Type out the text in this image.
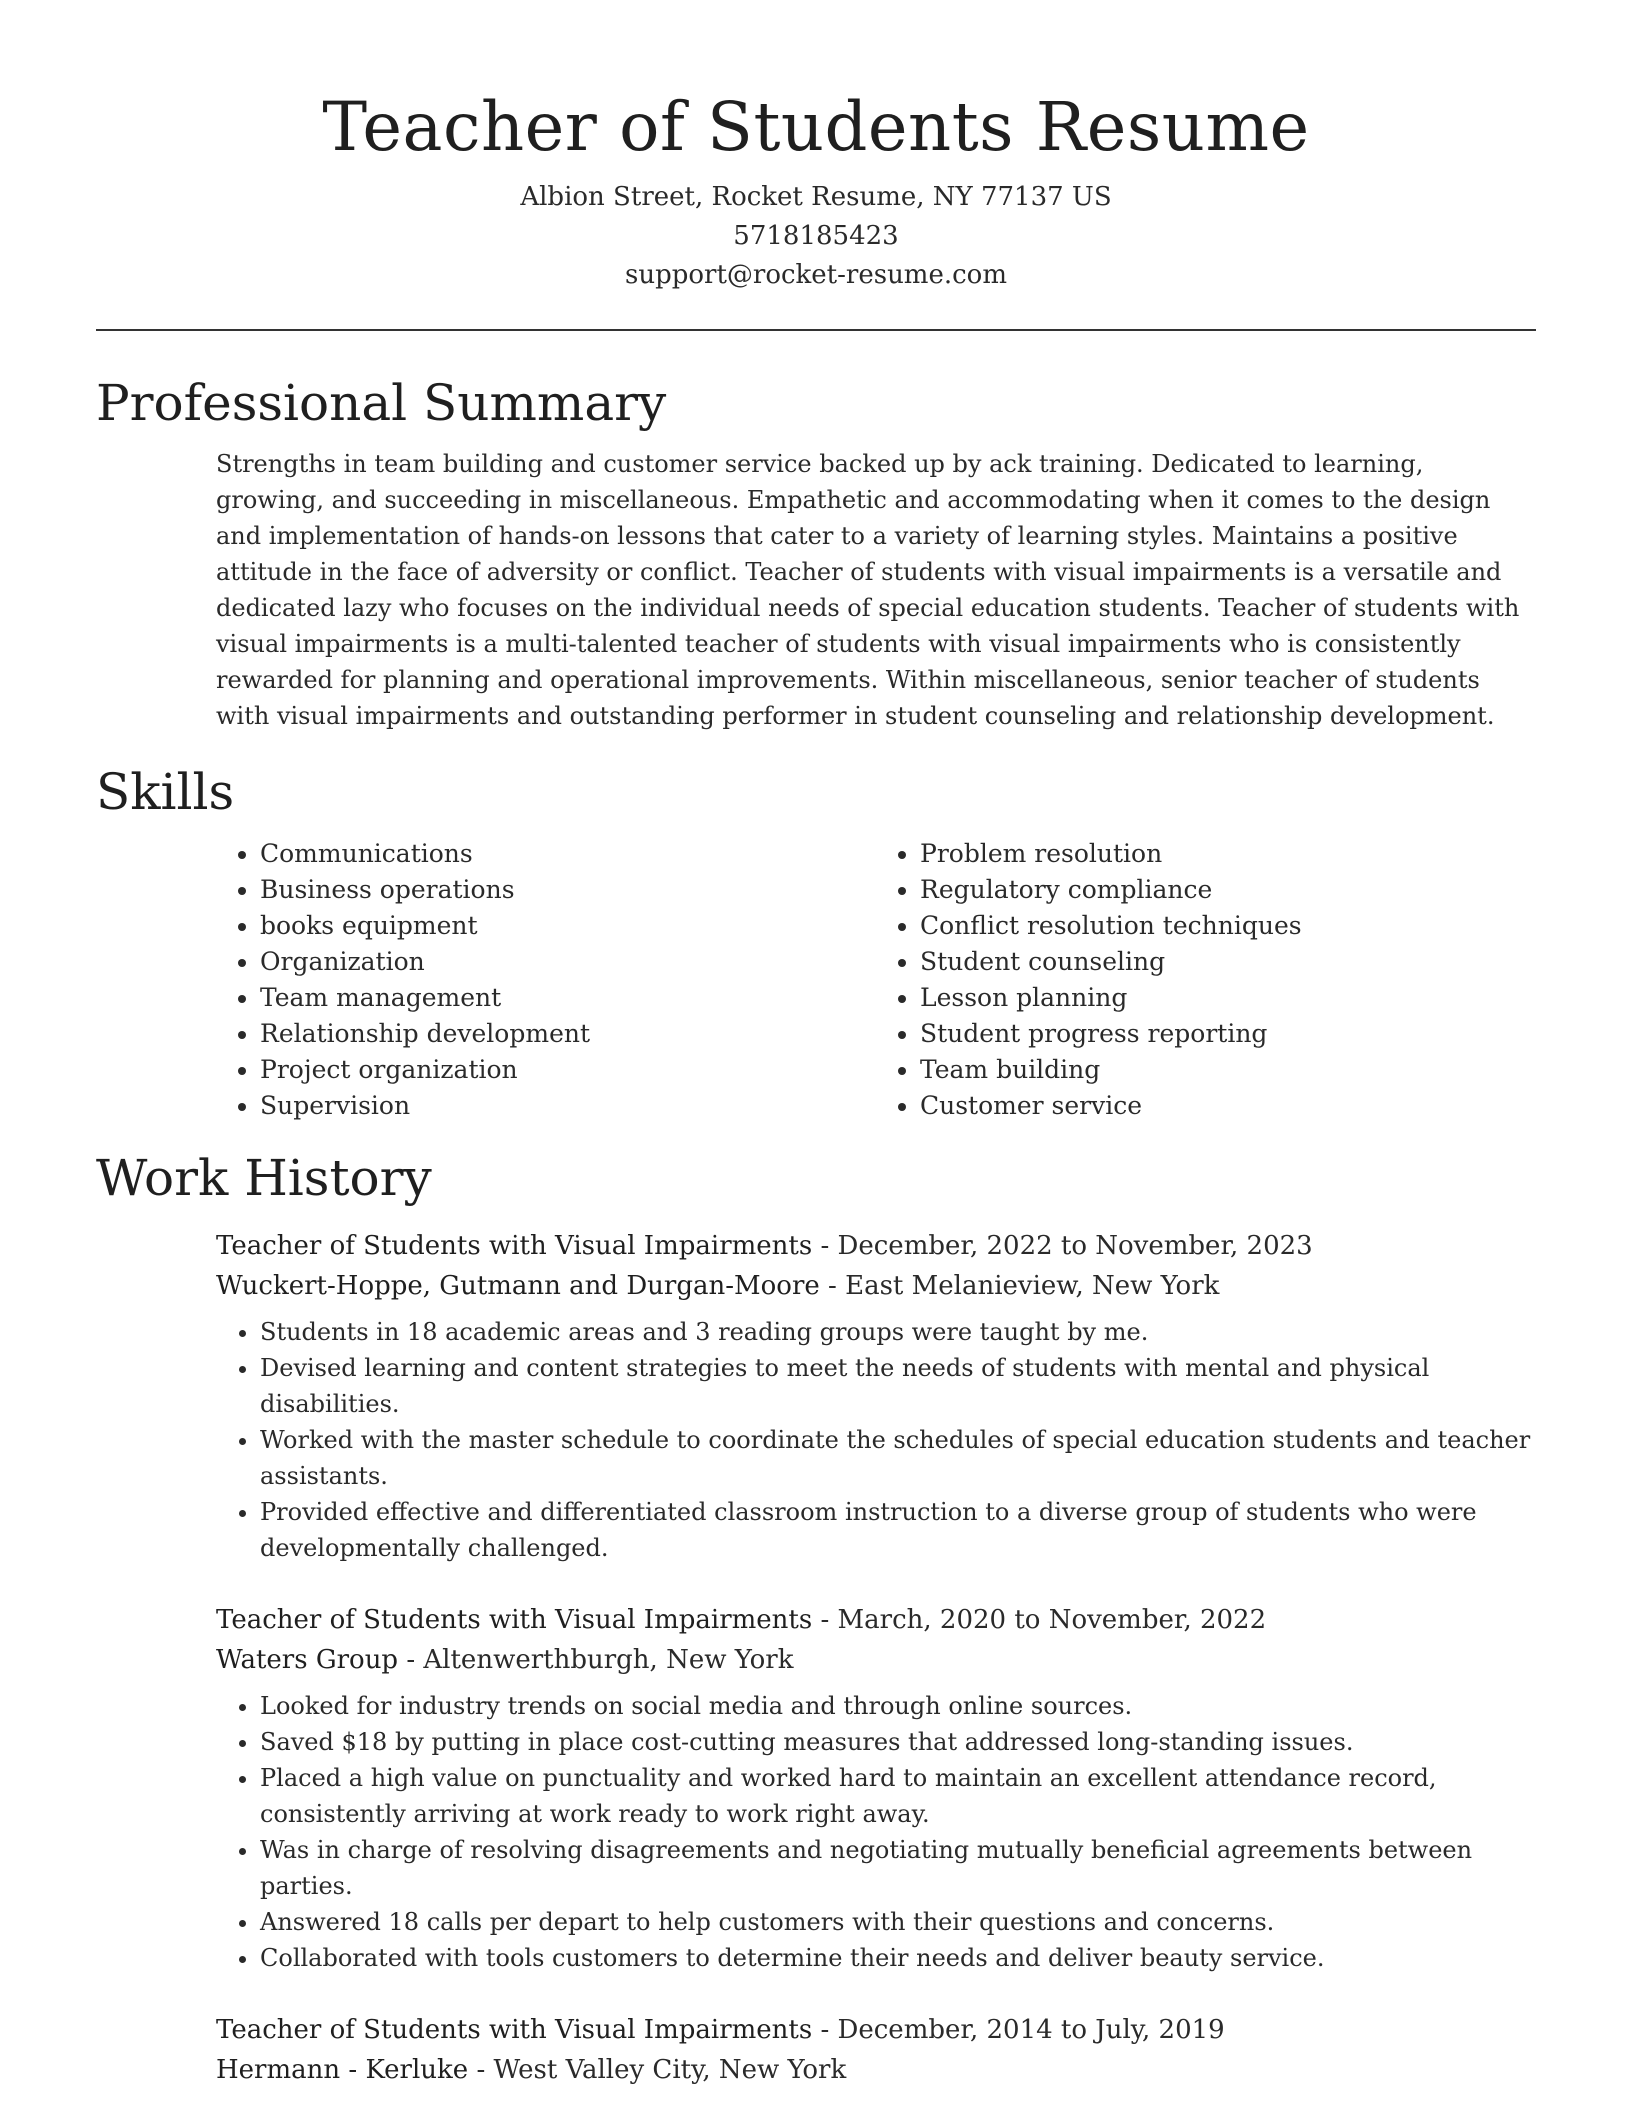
Teacher of Students Resume
Albion Street, Rocket Resume, NY 77137 US
5718185423
support@rocket-resume.com
Professional Summary

Strengths in team building and customer service backed up by ack training. Dedicated to learning, growing, and succeeding in miscellaneous. Empathetic and accommodating when it comes to the design and implementation of hands-on lessons that cater to a variety of learning styles. Maintains a positive attitude in the face of adversity or conflict. Teacher of students with visual impairments is a versatile and dedicated lazy who focuses on the individual needs of special education students. Teacher of students with visual impairments is a multi-talented teacher of students with visual impairments who is consistently rewarded for planning and operational improvements. Within miscellaneous, senior teacher of students with visual impairments and outstanding performer in student counseling and relationship development.

Skills
• Communications
• Business operations
• books equipment
• Organization
• Team management
• Relationship development
• Project organization
• Supervision
• Problem resolution
• Regulatory compliance
• Conflict resolution techniques
• Student counseling
• Lesson planning
• Student progress reporting
• Team building
• Customer service
Work History
Teacher of Students with Visual Impairments - December, 2022 to November, 2023
Wuckert-Hoppe, Gutmann and Durgan-Moore - East Melanieview, New York
• Students in 18 academic areas and 3 reading groups were taught by me.
• Devised learning and content strategies to meet the needs of students with mental and physical disabilities.
• Worked with the master schedule to coordinate the schedules of special education students and teacher assistants.
• Provided effective and differentiated classroom instruction to a diverse group of students who were developmentally challenged.
Teacher of Students with Visual Impairments - March, 2020 to November, 2022
Waters Group - Altenwerthburgh, New York
• Looked for industry trends on social media and through online sources.
• Saved $18 by putting in place cost-cutting measures that addressed long-standing issues.
• Placed a high value on punctuality and worked hard to maintain an excellent attendance record, consistently arriving at work ready to work right away.
• Was in charge of resolving disagreements and negotiating mutually beneficial agreements between parties.
• Answered 18 calls per depart to help customers with their questions and concerns.
• Collaborated with tools customers to determine their needs and deliver beauty service.
Teacher of Students with Visual Impairments - December, 2014 to July, 2019
Hermann - Kerluke - West Valley City, New York
